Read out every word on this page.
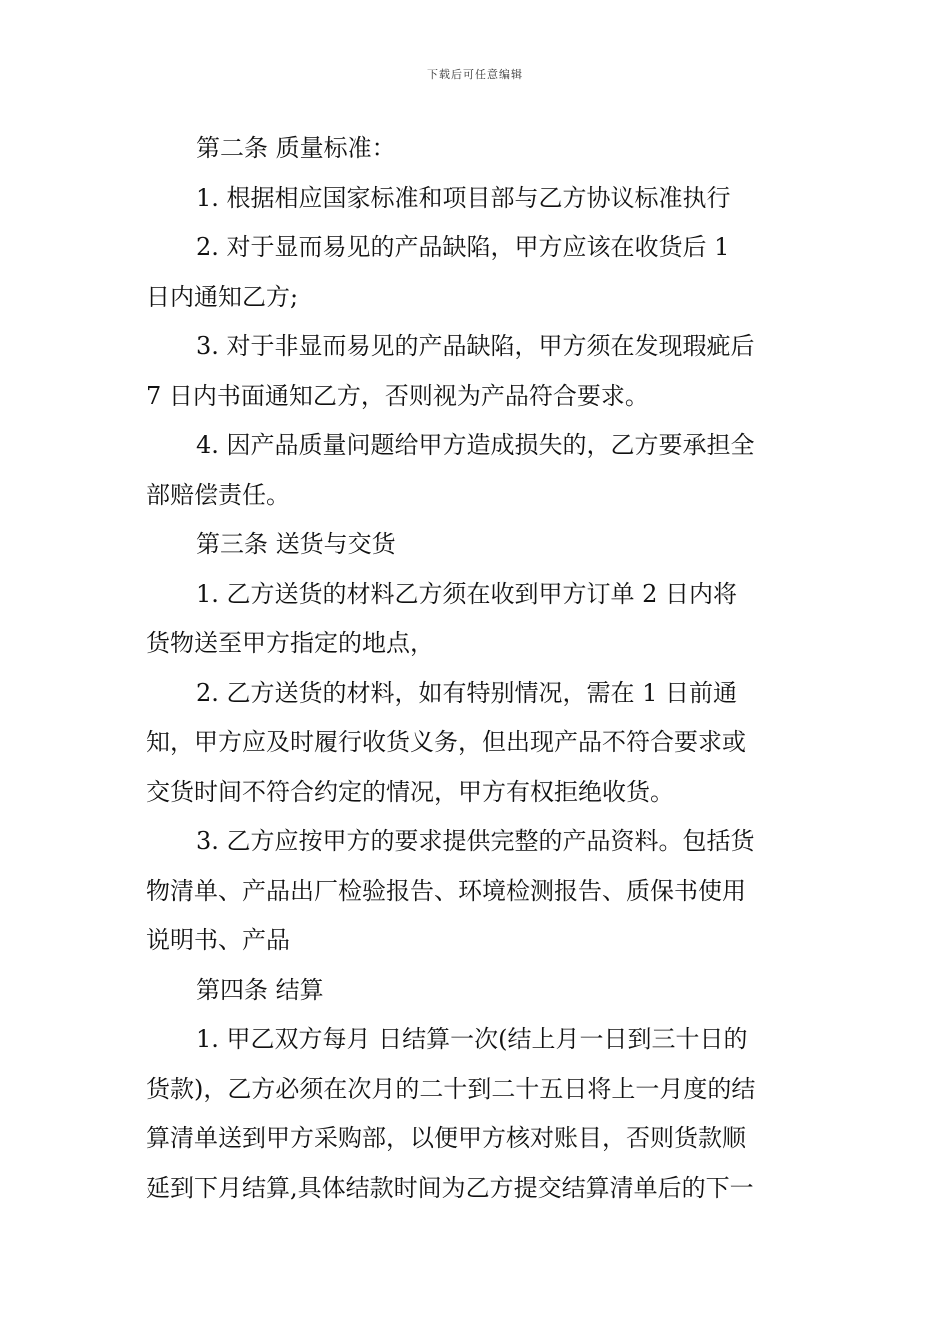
下载后可任意编辑
第二条 质量标准：
1. 根据相应国家标准和项目部与乙方协议标准执行
2. 对于显而易见的产品缺陷，甲方应该在收货后 1
日内通知乙方;
3. 对于非显而易见的产品缺陷，甲方须在发现瑕疵后
7 日内书面通知乙方，否则视为产品符合要求。
4. 因产品质量问题给甲方造成损失的，乙方要承担全
部赔偿责任。
第三条 送货与交货
1. 乙方送货的材料乙方须在收到甲方订单 2 日内将
货物送至甲方指定的地点，
2. 乙方送货的材料，如有特别情况，需在 1 日前通
知，甲方应及时履行收货义务，但出现产品不符合要求或
交货时间不符合约定的情况，甲方有权拒绝收货。
3. 乙方应按甲方的要求提供完整的产品资料。包括货
物清单、产品出厂检验报告、环境检测报告、质保书使用
说明书、产品
第四条 结算
1. 甲乙双方每月 日结算一次(结上月一日到三十日的
货款)，乙方必须在次月的二十到二十五日将上一月度的结
算清单送到甲方采购部，以便甲方核对账目，否则货款顺
延到下月结算,具体结款时间为乙方提交结算清单后的下一
